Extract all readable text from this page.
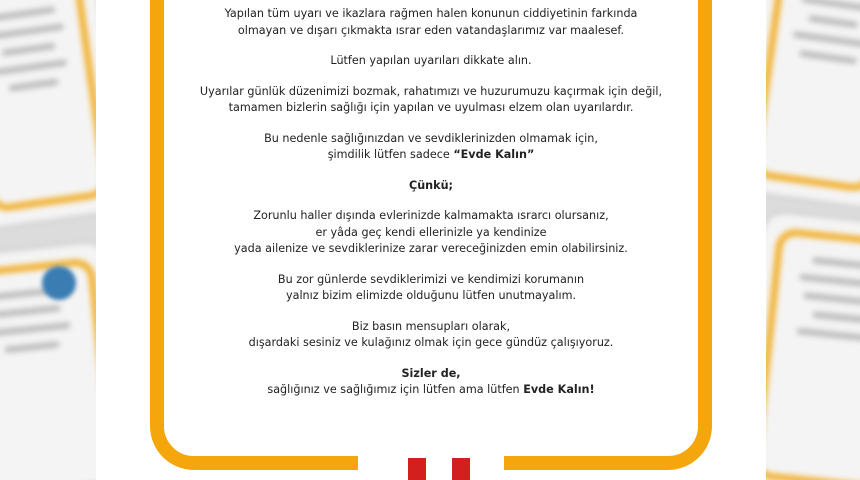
Yapılan tüm uyarı ve ikazlara rağmen halen konunun ciddiyetinin farkında
olmayan ve dışarı çıkmakta ısrar eden vatandaşlarımız var maalesef.
Lütfen yapılan uyarıları dikkate alın.
Uyarılar günlük düzenimizi bozmak, rahatımızı ve huzurumuzu kaçırmak için değil,
tamamen bizlerin sağlığı için yapılan ve uyulması elzem olan uyarılardır.
Bu nedenle sağlığınızdan ve sevdiklerinizden olmamak için,
şimdilik lütfen sadece “Evde Kalın”
Çünkü;
Zorunlu haller dışında evlerinizde kalmamakta ısrarcı olursanız,
er yâda geç kendi ellerinizle ya kendinize
yada ailenize ve sevdiklerinize zarar vereceğinizden emin olabilirsiniz.
Bu zor günlerde sevdiklerimizi ve kendimizi korumanın
yalnız bizim elimizde olduğunu lütfen unutmayalım.
Biz basın mensupları olarak,
dışardaki sesiniz ve kulağınız olmak için gece gündüz çalışıyoruz.
Sizler de,
sağlığınız ve sağlığımız için lütfen ama lütfen Evde Kalın!
